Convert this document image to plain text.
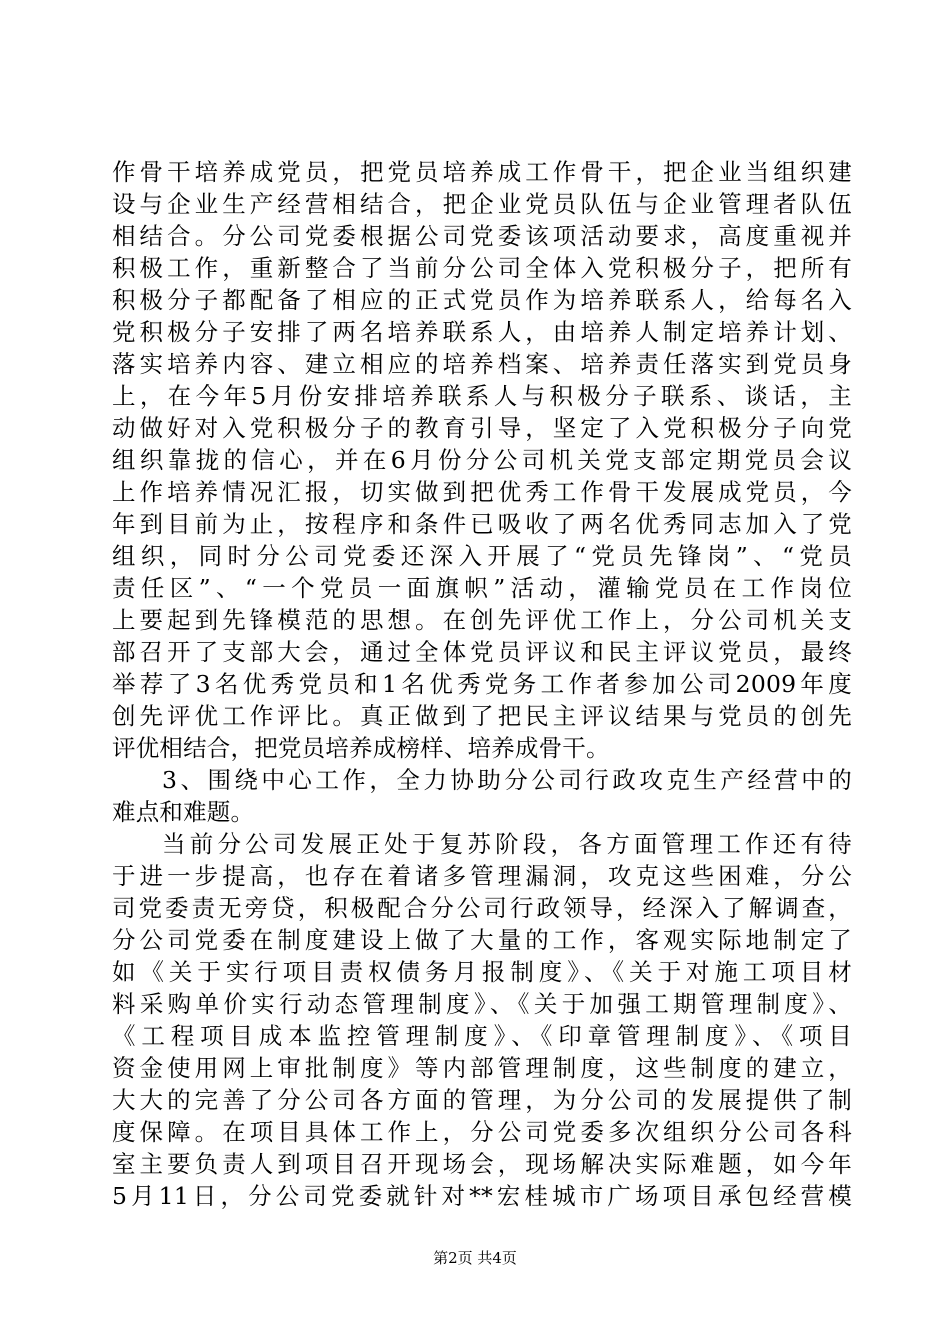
作骨干培养成党员，把党员培养成工作骨干，把企业当组织建
设与企业生产经营相结合，把企业党员队伍与企业管理者队伍
相结合。分公司党委根据公司党委该项活动要求，高度重视并
积极工作，重新整合了当前分公司全体入党积极分子，把所有
积极分子都配备了相应的正式党员作为培养联系人，给每名入
党积极分子安排了两名培养联系人，由培养人制定培养计划、
落实培养内容、建立相应的培养档案、培养责任落实到党员身
上，在今年5月份安排培养联系人与积极分子联系、谈话，主
动做好对入党积极分子的教育引导，坚定了入党积极分子向党
组织靠拢的信心，并在6月份分公司机关党支部定期党员会议
上作培养情况汇报，切实做到把优秀工作骨干发展成党员，今
年到目前为止，按程序和条件已吸收了两名优秀同志加入了党
组织，同时分公司党委还深入开展了“党员先锋岗”、“党员
责任区”、“一个党员一面旗帜”活动，灌输党员在工作岗位
上要起到先锋模范的思想。在创先评优工作上，分公司机关支
部召开了支部大会，通过全体党员评议和民主评议党员，最终
举荐了3名优秀党员和1名优秀党务工作者参加公司2009年度
创先评优工作评比。真正做到了把民主评议结果与党员的创先
评优相结合，把党员培养成榜样、培养成骨干。
3、围绕中心工作，全力协助分公司行政攻克生产经营中的
难点和难题。
当前分公司发展正处于复苏阶段，各方面管理工作还有待
于进一步提高，也存在着诸多管理漏洞，攻克这些困难，分公
司党委责无旁贷，积极配合分公司行政领导，经深入了解调查，
分公司党委在制度建设上做了大量的工作，客观实际地制定了
如《关于实行项目责权债务月报制度》、《关于对施工项目材
料采购单价实行动态管理制度》、《关于加强工期管理制度》、
《工程项目成本监控管理制度》、《印章管理制度》、《项目
资金使用网上审批制度》等内部管理制度，这些制度的建立，
大大的完善了分公司各方面的管理，为分公司的发展提供了制
度保障。在项目具体工作上，分公司党委多次组织分公司各科
室主要负责人到项目召开现场会，现场解决实际难题，如今年
5月11日，分公司党委就针对**宏桂城市广场项目承包经营模
第2页 共4页
